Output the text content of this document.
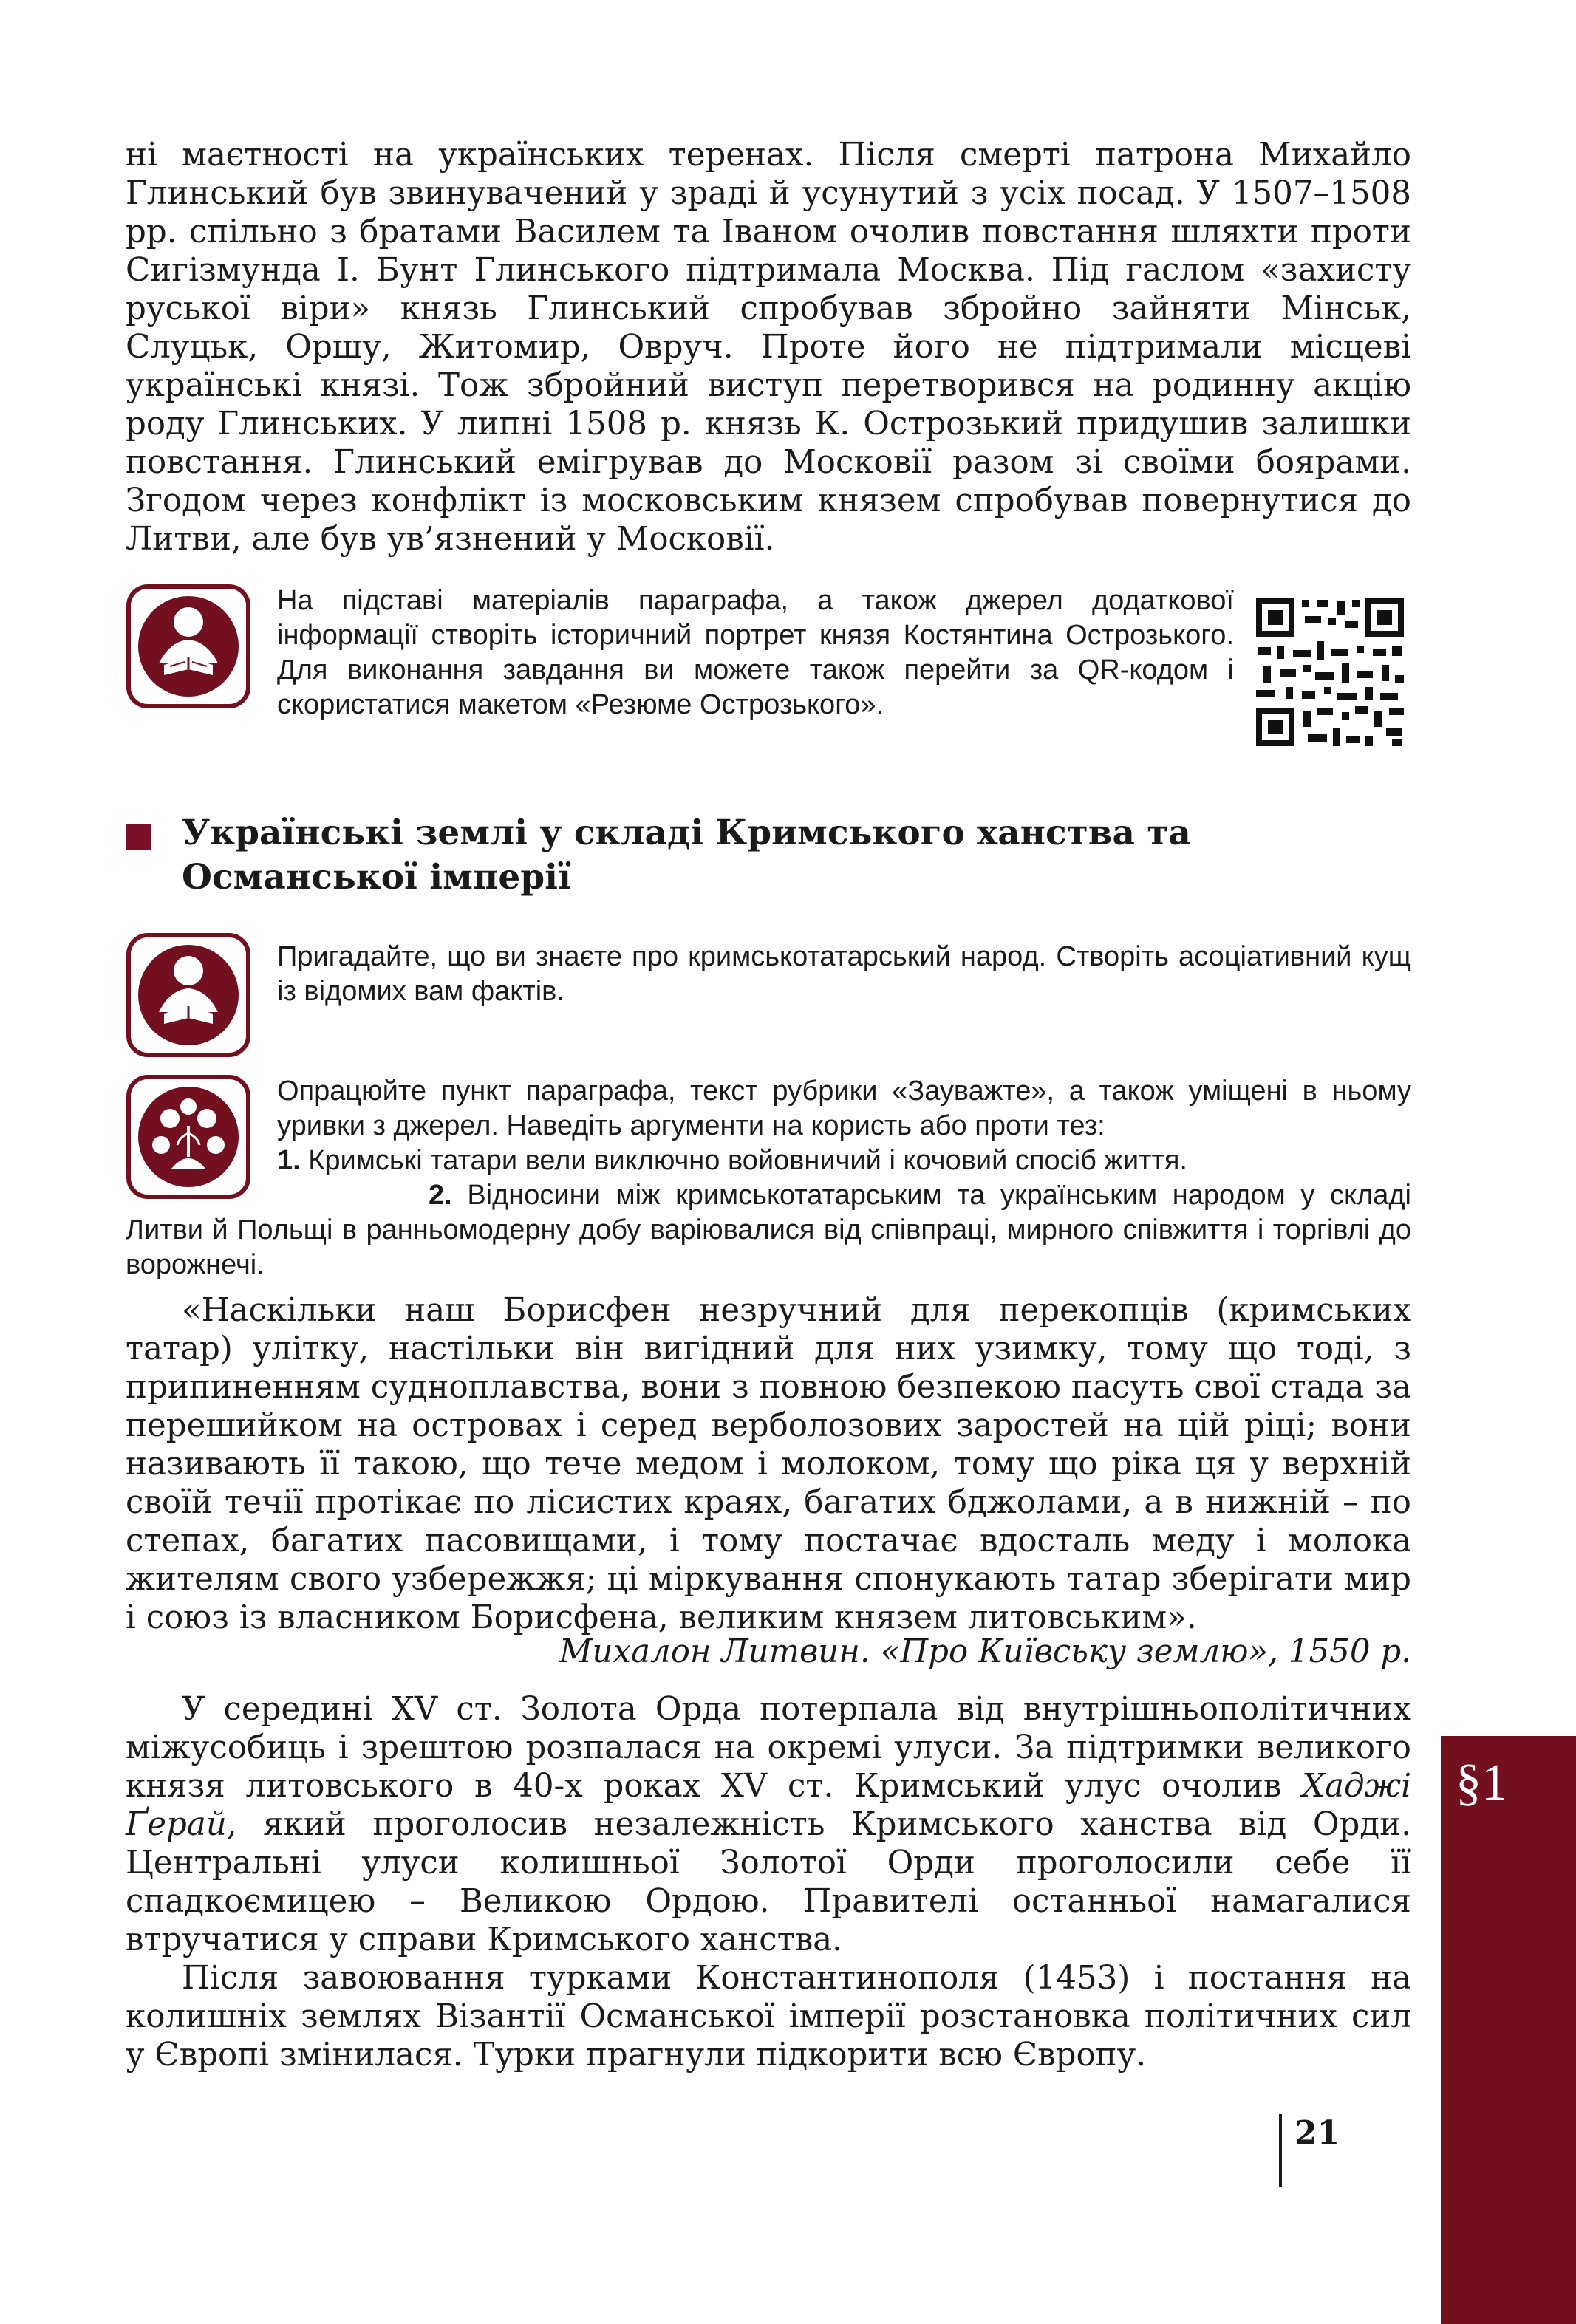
ні маєтності на українських теренах. Після смерті патрона Михайло Глинський був звинувачений у зраді й усунутий з усіх посад. У 1507–1508 рр. спільно з братами Василем та Іваном очолив повстання шляхти проти Сигізмунда I. Бунт Глинського підтримала Москва. Під гаслом «захисту руської віри» князь Глинський спробував збройно зайняти Мінськ, Слуцьк, Оршу, Житомир, Овруч. Проте його не підтримали місцеві українські князі. Тож збройний виступ перетворився на родинну акцію роду Глинських. У липні 1508 р. князь К. Острозький придушив залишки повстання. Глинський емігрував до Московії разом зі своїми боярами. Згодом через конфлікт із московським князем спробував повернутися до Литви, але був ув’язнений у Московії.

На підставі матеріалів параграфа, а також джерел додаткової інформації створіть історичний портрет князя Костянтина Острозького. Для виконання завдання ви можете також перейти за QR-кодом і скористатися макетом «Резюме Острозького».
Українські землі у складі Кримського ханства та Османської імперії
Пригадайте, що ви знаєте про кримськотатарський народ. Створіть асоціативний кущ із відомих вам фактів.
Опрацюйте пункт параграфа, текст рубрики «Зауважте», а також уміщені в ньому уривки з джерел. Наведіть аргументи на користь або проти тез:
1. Кримські татари вели виключно войовничий і кочовий спосіб життя.
2. Відносини між кримськотатарським та українським народом у складі Литви й Польщі в ранньомодерну добу варіювалися від співпраці, мирного співжиття і торгівлі до ворожнечі.

«Наскільки наш Борисфен незручний для перекопців (кримських татар) улітку, настільки він вигідний для них узимку, тому що тоді, з припиненням судноплавства, вони з повною безпекою пасуть свої стада за перешийком на островах і серед верболозових заростей на цій ріці; вони називають її такою, що тече медом і молоком, тому що ріка ця у верхній своїй течії протікає по лісистих краях, багатих бджолами, а в нижній – по степах, багатих пасовищами, і тому постачає вдосталь меду і молока жителям свого узбережжя; ці міркування спонукають татар зберігати мир і союз із власником Борисфена, великим князем литовським».

Михалон Литвин. «Про Київську землю», 1550 р.

У середині XV ст. Золота Орда потерпала від внутрішньополітичних міжусобиць і зрештою розпалася на окремі улуси. За підтримки великого князя литовського в 40-х роках XV ст. Кримський улус очолив Хаджі Ґерай, який проголосив незалежність Кримського ханства від Орди. Центральні улуси колишньої Золотої Орди проголосили себе її спадкоємицею – Великою Ордою. Правителі останньої намагалися втручатися у справи Кримського ханства.

Після завоювання турками Константинополя (1453) і постання на колишніх землях Візантії Османської імперії розстановка політичних сил у Європі змінилася. Турки прагнули підкорити всю Європу.

§1
21
